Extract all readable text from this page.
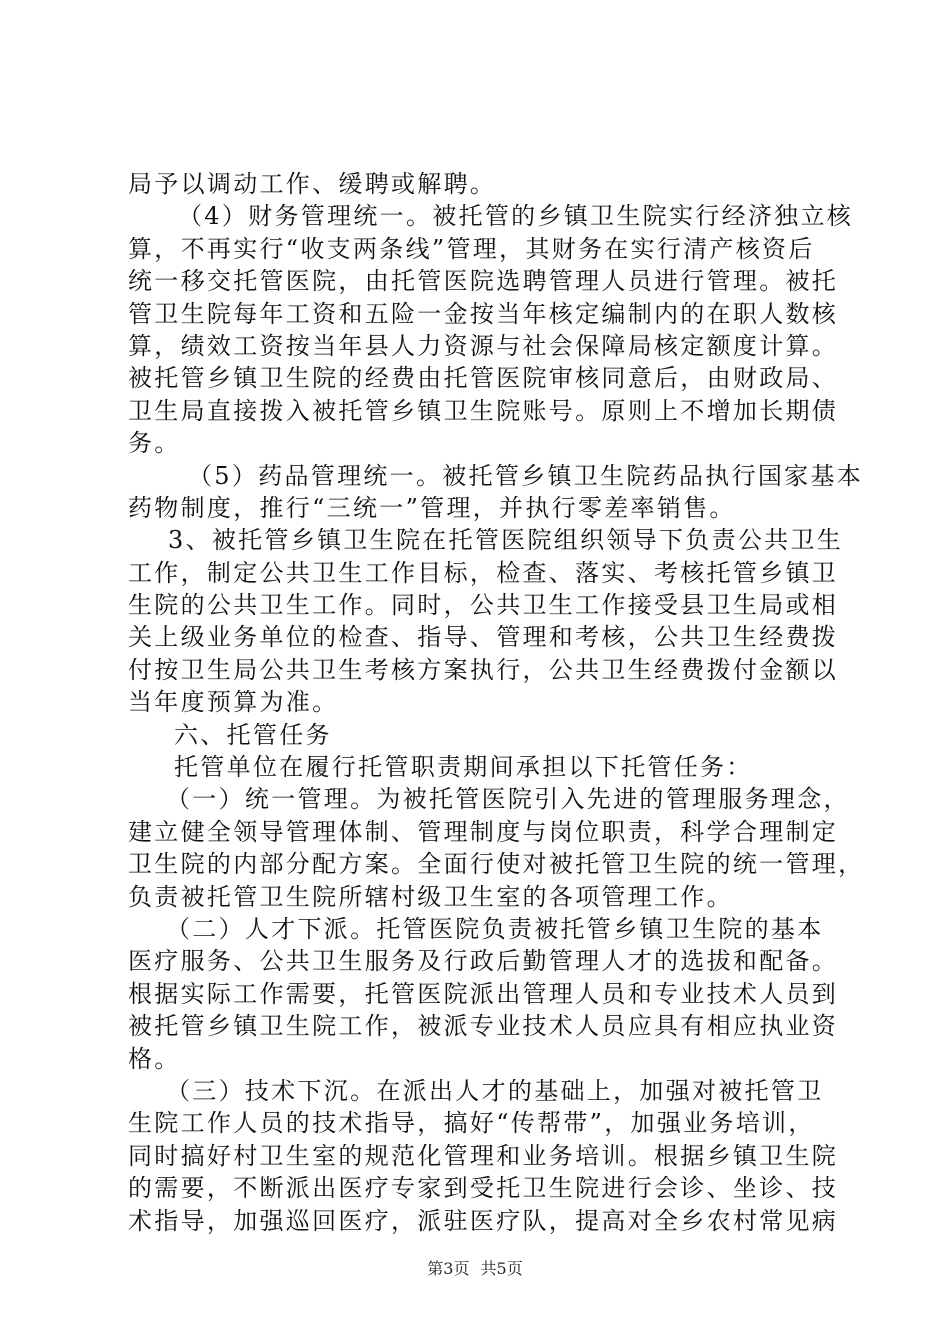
局予以调动工作、缓聘或解聘。
（4）财务管理统一。被托管的乡镇卫生院实行经济独立核
算，不再实行“收支两条线”管理，其财务在实行清产核资后
统一移交托管医院，由托管医院选聘管理人员进行管理。被托
管卫生院每年工资和五险一金按当年核定编制内的在职人数核
算，绩效工资按当年县人力资源与社会保障局核定额度计算。
被托管乡镇卫生院的经费由托管医院审核同意后，由财政局、
卫生局直接拨入被托管乡镇卫生院账号。原则上不增加长期债
务。
（5）药品管理统一。被托管乡镇卫生院药品执行国家基本
药物制度，推行“三统一”管理，并执行零差率销售。
3、被托管乡镇卫生院在托管医院组织领导下负责公共卫生
工作，制定公共卫生工作目标，检查、落实、考核托管乡镇卫
生院的公共卫生工作。同时，公共卫生工作接受县卫生局或相
关上级业务单位的检查、指导、管理和考核，公共卫生经费拨
付按卫生局公共卫生考核方案执行，公共卫生经费拨付金额以
当年度预算为准。
六、托管任务
托管单位在履行托管职责期间承担以下托管任务：
（一）统一管理。为被托管医院引入先进的管理服务理念，
建立健全领导管理体制、管理制度与岗位职责，科学合理制定
卫生院的内部分配方案。全面行使对被托管卫生院的统一管理，
负责被托管卫生院所辖村级卫生室的各项管理工作。
（二）人才下派。托管医院负责被托管乡镇卫生院的基本
医疗服务、公共卫生服务及行政后勤管理人才的选拔和配备。
根据实际工作需要，托管医院派出管理人员和专业技术人员到
被托管乡镇卫生院工作，被派专业技术人员应具有相应执业资
格。
（三）技术下沉。在派出人才的基础上，加强对被托管卫
生院工作人员的技术指导，搞好“传帮带”，加强业务培训，
同时搞好村卫生室的规范化管理和业务培训。根据乡镇卫生院
的需要，不断派出医疗专家到受托卫生院进行会诊、坐诊、技
术指导，加强巡回医疗，派驻医疗队，提高对全乡农村常见病
第3页 共5页
